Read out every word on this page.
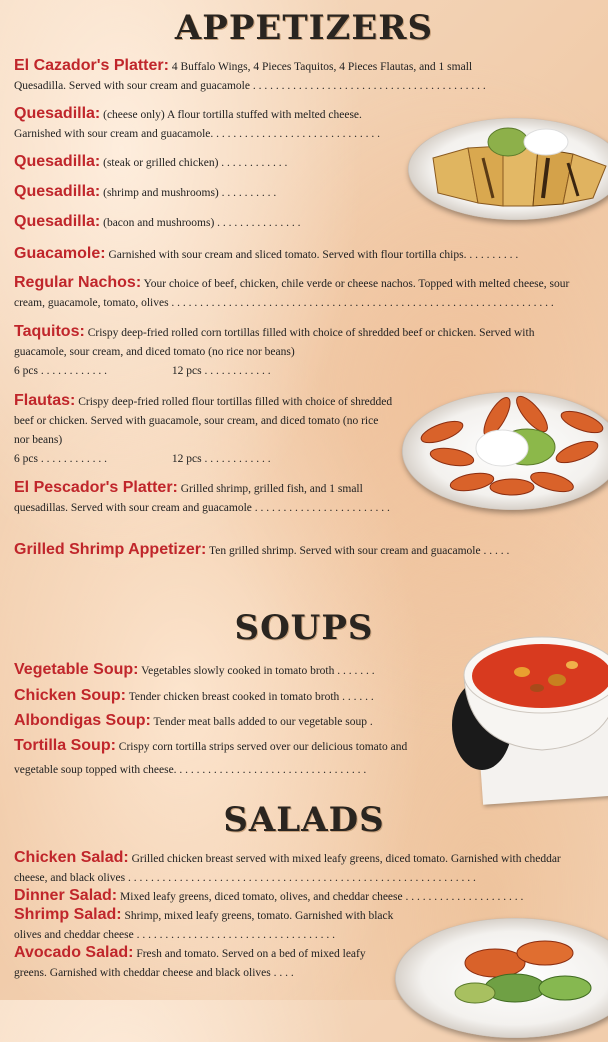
APPETIZERS
SOUPS
SALADS
El Cazador's Platter: 4 Buffalo Wings, 4 Pieces Taquitos, 4 Pieces Flautas, and 1 small
Quesadilla. Served with sour cream and guacamole . . . . . . . . . . . . . . . . . . . . . . . . . . . . . . . . . . . . . . . . .
Quesadilla: (cheese only) A flour tortilla stuffed with melted cheese.
Garnished with sour cream and guacamole. . . . . . . . . . . . . . . . . . . . . . . . . . . . . .
Quesadilla: (steak or grilled chicken) . . . . . . . . . . . .
Quesadilla: (shrimp and mushrooms) . . . . . . . . . .
Quesadilla: (bacon and mushrooms) . . . . . . . . . . . . . . .
Guacamole: Garnished with sour cream and sliced tomato. Served with flour tortilla chips. . . . . . . . . .
Regular Nachos: Your choice of beef, chicken, chile verde or cheese nachos. Topped with melted cheese, sour
cream, guacamole, tomato, olives . . . . . . . . . . . . . . . . . . . . . . . . . . . . . . . . . . . . . . . . . . . . . . . . . . . . . . . . . . . . . . . . . . .
Taquitos: Crispy deep-fried rolled corn tortillas filled with choice of shredded beef or chicken. Served with
guacamole, sour cream, and diced tomato (no rice nor beans)
6 pcs . . . . . . . . . . . .	12 pcs . . . . . . . . . . . .
Flautas: Crispy deep-fried rolled flour tortillas filled with choice of shredded
beef or chicken. Served with guacamole, sour cream, and diced tomato (no rice
nor beans)
6 pcs . . . . . . . . . . . .	12 pcs . . . . . . . . . . . .
El Pescador's Platter: Grilled shrimp, grilled fish, and 1 small
quesadillas. Served with sour cream and guacamole . . . . . . . . . . . . . . . . . . . . . . . .
Grilled Shrimp Appetizer: Ten grilled shrimp. Served with sour cream and guacamole . . . . .
Vegetable Soup: Vegetables slowly cooked in tomato broth . . . . . . .
Chicken Soup: Tender chicken breast cooked in tomato broth . . . . . .
Albondigas Soup: Tender meat balls added to our vegetable soup .
Tortilla Soup: Crispy corn tortilla strips served over our delicious tomato and
vegetable soup topped with cheese. . . . . . . . . . . . . . . . . . . . . . . . . . . . . . . . . .
Chicken Salad: Grilled chicken breast served with mixed leafy greens, diced tomato. Garnished with cheddar
cheese, and black olives . . . . . . . . . . . . . . . . . . . . . . . . . . . . . . . . . . . . . . . . . . . . . . . . . . . . . . . . . . . . .
Dinner Salad: Mixed leafy greens, diced tomato, olives, and cheddar cheese . . . . . . . . . . . . . . . . . . . . .
Shrimp Salad: Shrimp, mixed leafy greens, tomato. Garnished with black
olives and cheddar cheese . . . . . . . . . . . . . . . . . . . . . . . . . . . . . . . . . . .
Avocado Salad: Fresh and tomato. Served on a bed of mixed leafy
greens. Garnished with cheddar cheese and black olives . . . .
